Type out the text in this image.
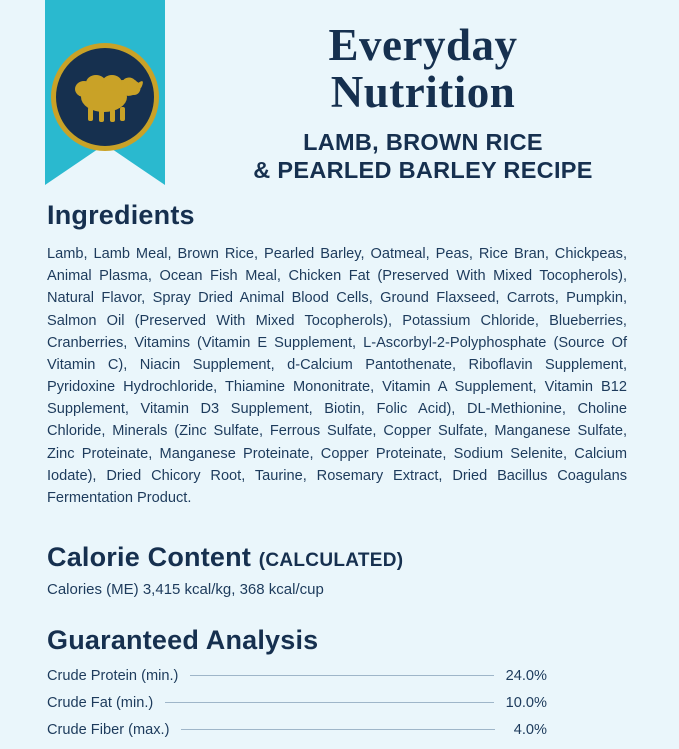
Everyday
Nutrition
LAMB, BROWN RICE
& PEARLED BARLEY RECIPE
Ingredients

Lamb, Lamb Meal, Brown Rice, Pearled Barley, Oatmeal, Peas, Rice Bran, Chickpeas, Animal Plasma, Ocean Fish Meal, Chicken Fat (Preserved With Mixed Tocopherols), Natural Flavor, Spray Dried Animal Blood Cells, Ground Flaxseed, Carrots, Pumpkin, Salmon Oil (Preserved With Mixed Tocopherols), Potassium Chloride, Blueberries, Cranberries, Vitamins (Vitamin E Supplement, L-Ascorbyl-2-Polyphosphate (Source Of Vitamin C), Niacin Supplement, d-Calcium Pantothenate, Riboflavin Supplement, Pyridoxine Hydrochloride, Thiamine Mononitrate, Vitamin A Supplement, Vitamin B12 Supplement, Vitamin D3 Supplement, Biotin, Folic Acid), DL-Methionine, Choline Chloride, Minerals (Zinc Sulfate, Ferrous Sulfate, Copper Sulfate, Manganese Sulfate, Zinc Proteinate, Manganese Proteinate, Copper Proteinate, Sodium Selenite, Calcium Iodate), Dried Chicory Root, Taurine, Rosemary Extract, Dried Bacillus Coagulans Fermentation Product.

Calorie Content (CALCULATED)

Calories (ME) 3,415 kcal/kg, 368 kcal/cup

Guaranteed Analysis
Crude Protein (min.)	24.0%
Crude Fat (min.)	10.0%
Crude Fiber (max.)	4.0%
